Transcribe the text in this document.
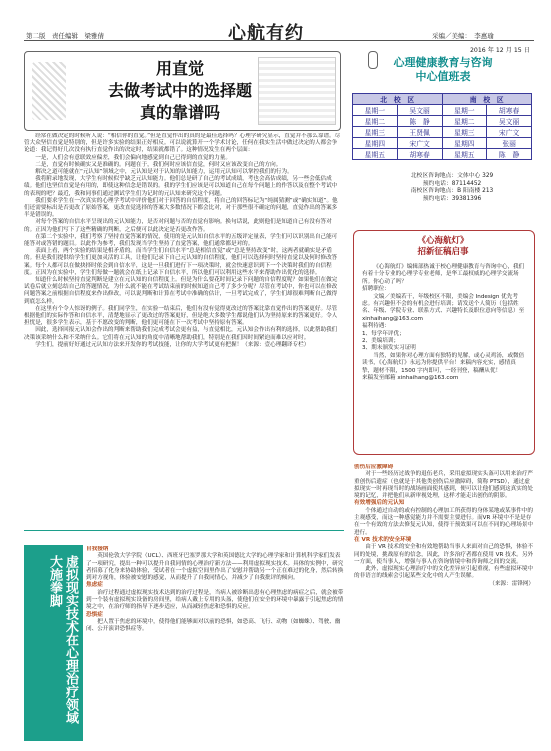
第二版　责任编辑　梁雅倩	心航有约	采编／美编：　李惠瑜
2016 年 12 月 15 日
用直觉
去做考试中的选择题
真的靠谱吗

经常在做决定的时候听人说：“相信你的直觉。”但是直觉作出的真的是最佳选择吗？心理学研究显示，直觉并不那么靠谱。尽管大众坚信直觉是特别的，但是许多实验的结果正好相反。可以说就算开一个学术讨论，任何在我实生活中做过决定的人都会争论道：我记得好几次没有执行直觉作出的决定时，结果就都错了。这种情况发生在两个层面：

一是，人们会有意联效应偏差，我们会偏向地感觉到自己已得到的直觉的力量。

二是，直觉有时候确实又是准确的。问题在于，我们何时应该信直觉，何时又应该改变自己的方向。

解决之道可能就在“元认知”领域之中，元认知是对于认知的认知能力，运用元认知可以掌控我们的行为。

我将附录地发现，大学生有时候似乎缺乏元认知能力。他们总是研了自己的考试成绩，考也会高估成绩，另一些会低估成绩。他们也坚信直觉是有用的，即使这种信念是错误的。我的学生们应该是可以知道自己在每个问题上的作答以及在整个考试中的表现的吧？最近，我和同事们通过测试学生们为记时的元认知来研究这个问题。

我们要求学生在一次真实的心理学考试中评价他们对于回答的自信程度，将自己的回答标记为“纯属猜测”或“确实知道”。他们还需要标出是否更改了原始答案，更改直觉选择的答案大多数情况下都会比对，对于那些很不确定的问题，直觉作出的答案多半是错误的。

对每个答案的自信水平呈现出的元认知能力，是否对问题与否的直觉有影响。换句话说，此则他们是知道自己有没有答对的。正因为他们写下了这些精确的判断，之后便可以此决定是否更改作答。

在第二个实验中，我们考察了坚持直觉答案的情况，使用的是元认知自信水平的五级评定量表，学生们可以识别出自己能可能答对或答错的题目。以此作为参考，我们发现当学生坚持了直觉答案，他们通常都是对的。

表面上看，两个实验的结果是相矛盾的。而当学生们自信水平“总是相信直觉”或“总是坚持改变”时，这两者就确实是矛盾的。但是我们提供给学生们更加灵活的工具，让他们记录下自己元认知的自信程度，他们可以选择何时坚持直觉以及何时修改答案。每个人都可以在做抉择时依会到自信水平，这是一旦我们进行下一项决策时，就会快速意识到下一个决策时我们的自信程度。正因为在实验中，学生们每做一题就会在纸上记录下自信水平，所以他们可以利用这些水平来帮助作出优化的选择。

知道什么时候坚持直觉判断是建立在元认知的自信程度上。但是为什么要花时间记录下问题的自信程度呢？如果他们在做完试卷后就立刻总结自己的答题情况，为什么就不能在考试结束前的时候知道自己考了多少分呢？尽管在考试中，你也可以在修改问题答案之前根据自信程度来作出修改，可以说判断和计算在考试中准确的估计，一旦考试完成了，学生们却很难判断自己做得到底怎么样。

在这里有个令人惊讶的例子。我们同学生，在实验一结束后，他们有没有觉得更改过的答案比靠直觉作出的答案更好。尽管根据他们的实际作答和自信水平，清楚地显示了更改过的答案更好，但是绝大多数学生都说他们认为坚持原来的答案更好。令人担忧是，很多学生表示，基于不愿改变的判断，他们更可能在下一次考试中坚持原有答案。

因此，选择回报元认知会作出的判断来帮助我们完成考试会更有益，与直觉相比，元认知会作出有利的选择，以此帮助我们决策该采纳什么和不采纳什么。它们将在元认知的角度中清晰地帮助我们，特别是在我们因时间紧迫而难以应对时。

学生们，提前好好通过元认知方法来开发你的考试技能，让你的大学考试更有把握！（来源：壹心理翻译专栏）

心理健康教育与咨询
中心值班表
北　校　区		南　校　区	
星期一	吴文丽	星期一	胡寒春
星期二	陈　静	星期二	吴文丽
星期三	王贤佩	星期三	宋广文
星期四	宋广文	星期四	张丽
星期五	胡寒春	星期五	陈　静
北校区咨询地点：文体中心 329
预约电话：87114452
南校区咨询地点：B 阳南楼 213
预约电话：39381396
《心海航灯》
招新征稿启事

《心海航灯》编辑部热诚于校心理健康教育与咨询中心，我们有着十分专业的心理学专业老师，是华工最权威的心理学交流场所。你心动了吗？

招聘职位：

文编／美编若干，年级校区不限，美编会 Indesign 优先考虑。有兴趣但不会的有机会进行培训；请发送个人简历（包括姓名、年级、学院专业、联系方式、兴趣特长及职位意向等信息）至 xinhaihang@163.com

福利待遇：

1、每学年评优；

2、美编培训；

3、期末颁发实习证明

当然，如果你对心理方面有独特的见解，或心灵鸡汤，或微倍读书，《心海航灯》永远为你提供平台！来稿内容充实，感情真挚，题材不限，1500 字内即可，一经刊登，稿酬从优！

来稿发至邮箱 xinhaihang@163.com

创伤后应激障碍

对于一些经历过战争的退伍老兵，采用虚拟现实头盔可以用来治疗严重创伤后遗症（也就是于其他类创伤后应激障碍，简称 PTSD），通过虚拟现实一时再现当时的战场画面使其感到，便可以让他们感到这真实的处境的记忆，并把他们从新审视处理，这样才能走出创伤的阴影。

有效增强后的元认知

个体通过自动的或有控制的心理加工所获得的身体某地或某事件中的主观感受，而这一种感觉能力并不需要主要进行。而VR 环境中不是是存在一个有效的方法去修复元认知，使得干预效果可以在不同的心理场景中进行。

在 VR 技术的安全环境

由于 VR 技术的安全和有效地帮助当事人来面对自己的恐惧，体验不同的处境，挑战原有的信念，因此，许多治疗者都在使用 VR 技术。另外一方面，使当事人，增强与事人在咨询情境中和咨询师之间的交流。

此外，虚拟现实心理治疗中的文化差异应引起重视，有些虚拟环境中的非语言的线索会引起某些文化中的人产生误解。

（来源：雷锋网）

虚拟现实技术在心理治疗领域大施拳脚

自我接纳

英国伦敦大学学院（UCL）、西班牙巴塞罗那大学和英国德比大学的心理学家和计算机科学家们发表了一项研究，提出一种可以提升自我同情的心理治疗新方法——利用虚拟现实技术。具体的实例中，研究者招募了化身来协助体验，受试者在一个虚拟空间里作出了安慰并帮助另一个正在难过的化身，然后转换到对方视角，体验被安慰的感觉，从而提升了自我同情心，并减少了自我批评的倾向。

焦虑症

治疗过程通过虚拟现实技术达到的治疗过程是，当病人被诊断出患有心理焦虑的病症之后，就会被带到一个装有虚拟现实设备的房间里，给病人戴上专用的头盔，使他们在安全的环境中暴露于引起焦虑的情境之中，在治疗师的指导下逐步适应，从而减轻焦虑和恐惧的反应。

恐惧症

把人置于焦虑的环境中，使得他们能够面对以前的恐惧，如恐高、飞行、动物（如蜘蛛）、驾驶、幽闭、公开演讲恐惧症等。
